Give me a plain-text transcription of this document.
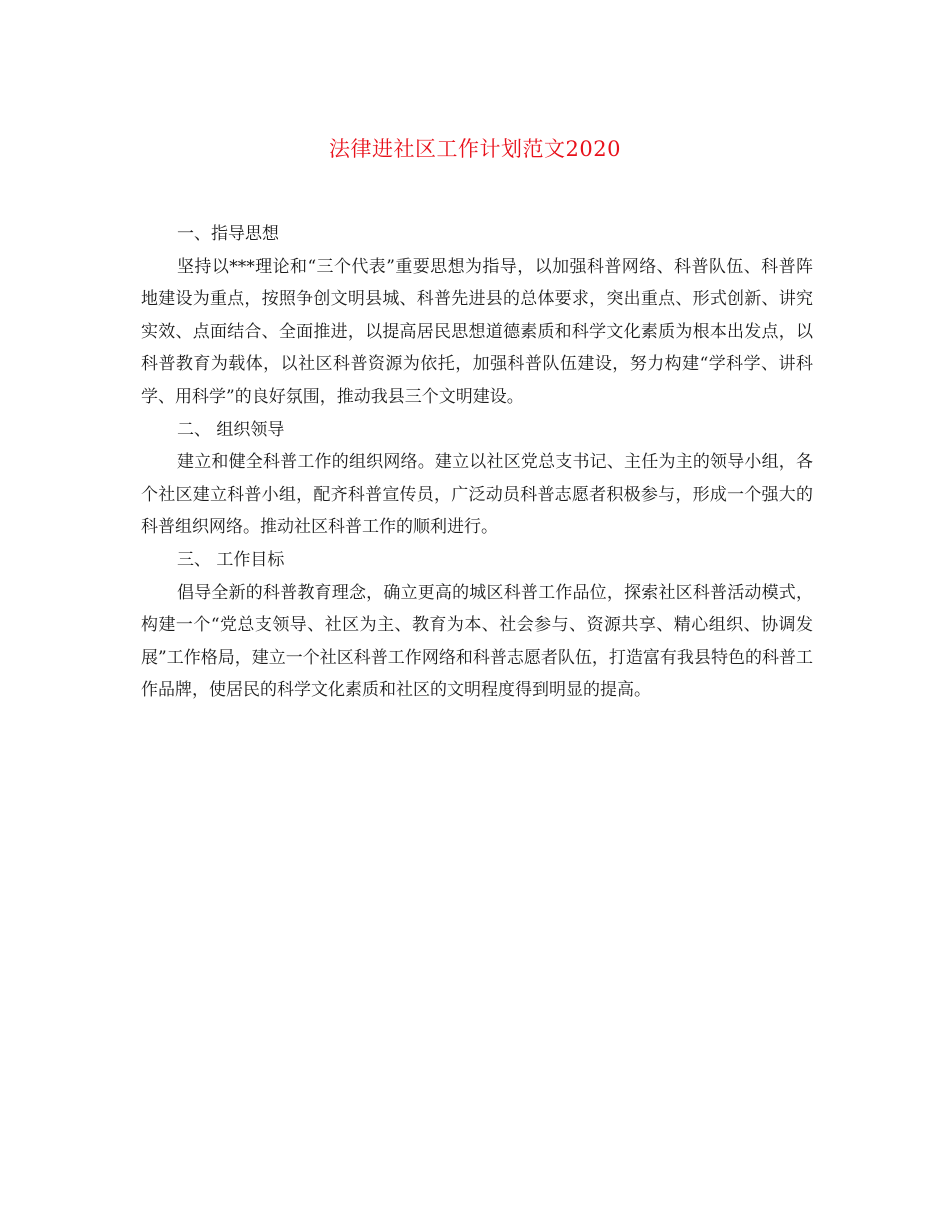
法律进社区工作计划范文2020

一、指导思想

坚持以***理论和“三个代表”重要思想为指导，以加强科普网络、科普队伍、科普阵地建设为重点，按照争创文明县城、科普先进县的总体要求，突出重点、形式创新、讲究实效、点面结合、全面推进，以提高居民思想道德素质和科学文化素质为根本出发点，以科普教育为载体，以社区科普资源为依托，加强科普队伍建设，努力构建“学科学、讲科学、用科学”的良好氛围，推动我县三个文明建设。

二、 组织领导

建立和健全科普工作的组织网络。建立以社区党总支书记、主任为主的领导小组，各个社区建立科普小组，配齐科普宣传员，广泛动员科普志愿者积极参与，形成一个强大的科普组织网络。推动社区科普工作的顺利进行。

三、 工作目标

倡导全新的科普教育理念，确立更高的城区科普工作品位，探索社区科普活动模式，构建一个“党总支领导、社区为主、教育为本、社会参与、资源共享、精心组织、协调发展”工作格局，建立一个社区科普工作网络和科普志愿者队伍，打造富有我县特色的科普工作品牌，使居民的科学文化素质和社区的文明程度得到明显的提高。
